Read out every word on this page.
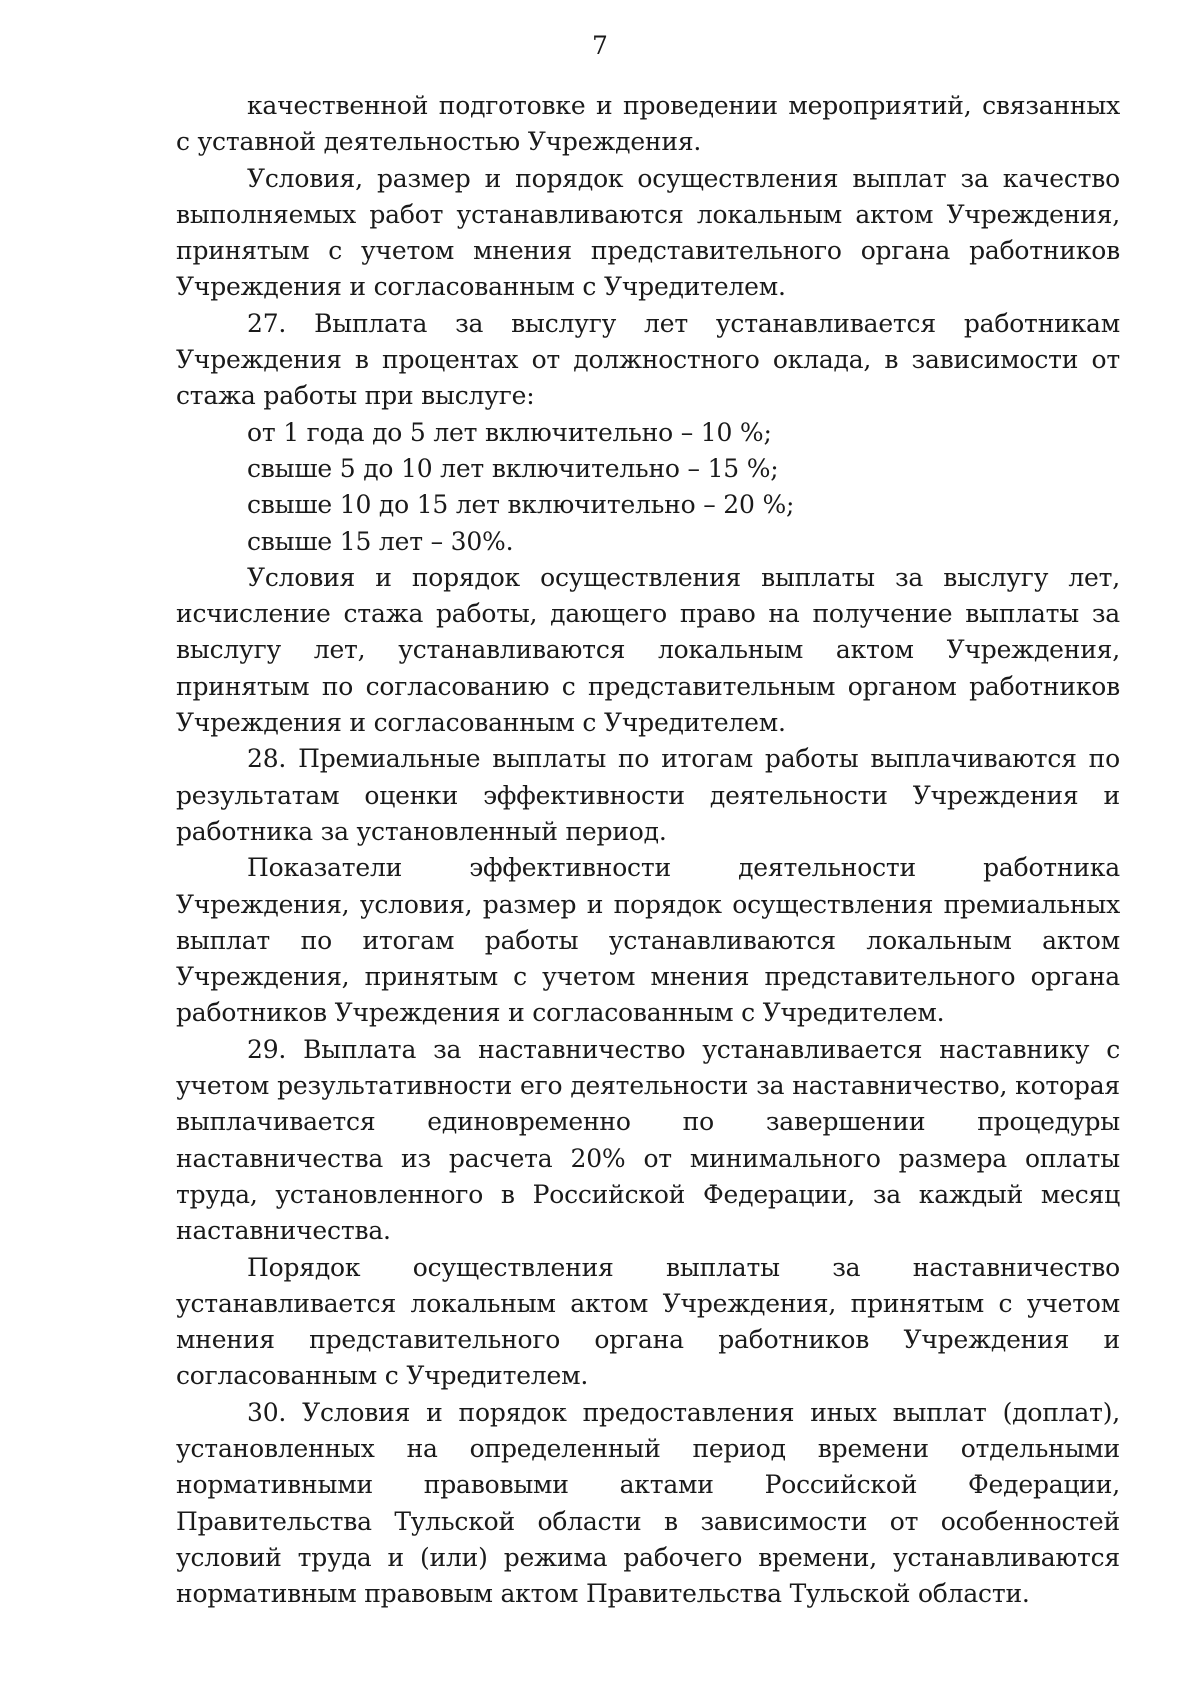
7

качественной подготовке и проведении мероприятий, связанных с уставной деятельностью Учреждения.

Условия, размер и порядок осуществления выплат за качество выполняемых работ устанавливаются локальным актом Учреждения, принятым с учетом мнения представительного органа работников Учреждения и согласованным с Учредителем.

27. Выплата за выслугу лет устанавливается работникам Учреждения в процентах от должностного оклада, в зависимости от стажа работы при выслуге:

от 1 года до 5 лет включительно – 10 %;

свыше 5 до 10 лет включительно – 15 %;

свыше 10 до 15 лет включительно – 20 %;

свыше 15 лет – 30%.

Условия и порядок осуществления выплаты за выслугу лет, исчисление стажа работы, дающего право на получение выплаты за выслугу лет, устанавливаются локальным актом Учреждения, принятым по согласованию с представительным органом работников Учреждения и согласованным с Учредителем.

28. Премиальные выплаты по итогам работы выплачиваются по результатам оценки эффективности деятельности Учреждения и работника за установленный период.

Показатели эффективности деятельности работника Учреждения, условия, размер и порядок осуществления премиальных выплат по итогам работы устанавливаются локальным актом Учреждения, принятым с учетом мнения представительного органа работников Учреждения и согласованным с Учредителем.

29. Выплата за наставничество устанавливается наставнику с учетом результативности его деятельности за наставничество, которая выплачивается единовременно по завершении процедуры наставничества из расчета 20% от минимального размера оплаты труда, установленного в Российской Федерации, за каждый месяц наставничества.

Порядок осуществления выплаты за наставничество устанавливается локальным актом Учреждения, принятым с учетом мнения представительного органа работников Учреждения и согласованным с Учредителем.

30. Условия и порядок предоставления иных выплат (доплат), установленных на определенный период времени отдельными нормативными правовыми актами Российской Федерации, Правительства Тульской области в зависимости от особенностей условий труда и (или) режима рабочего времени, устанавливаются нормативным правовым актом Правительства Тульской области.
